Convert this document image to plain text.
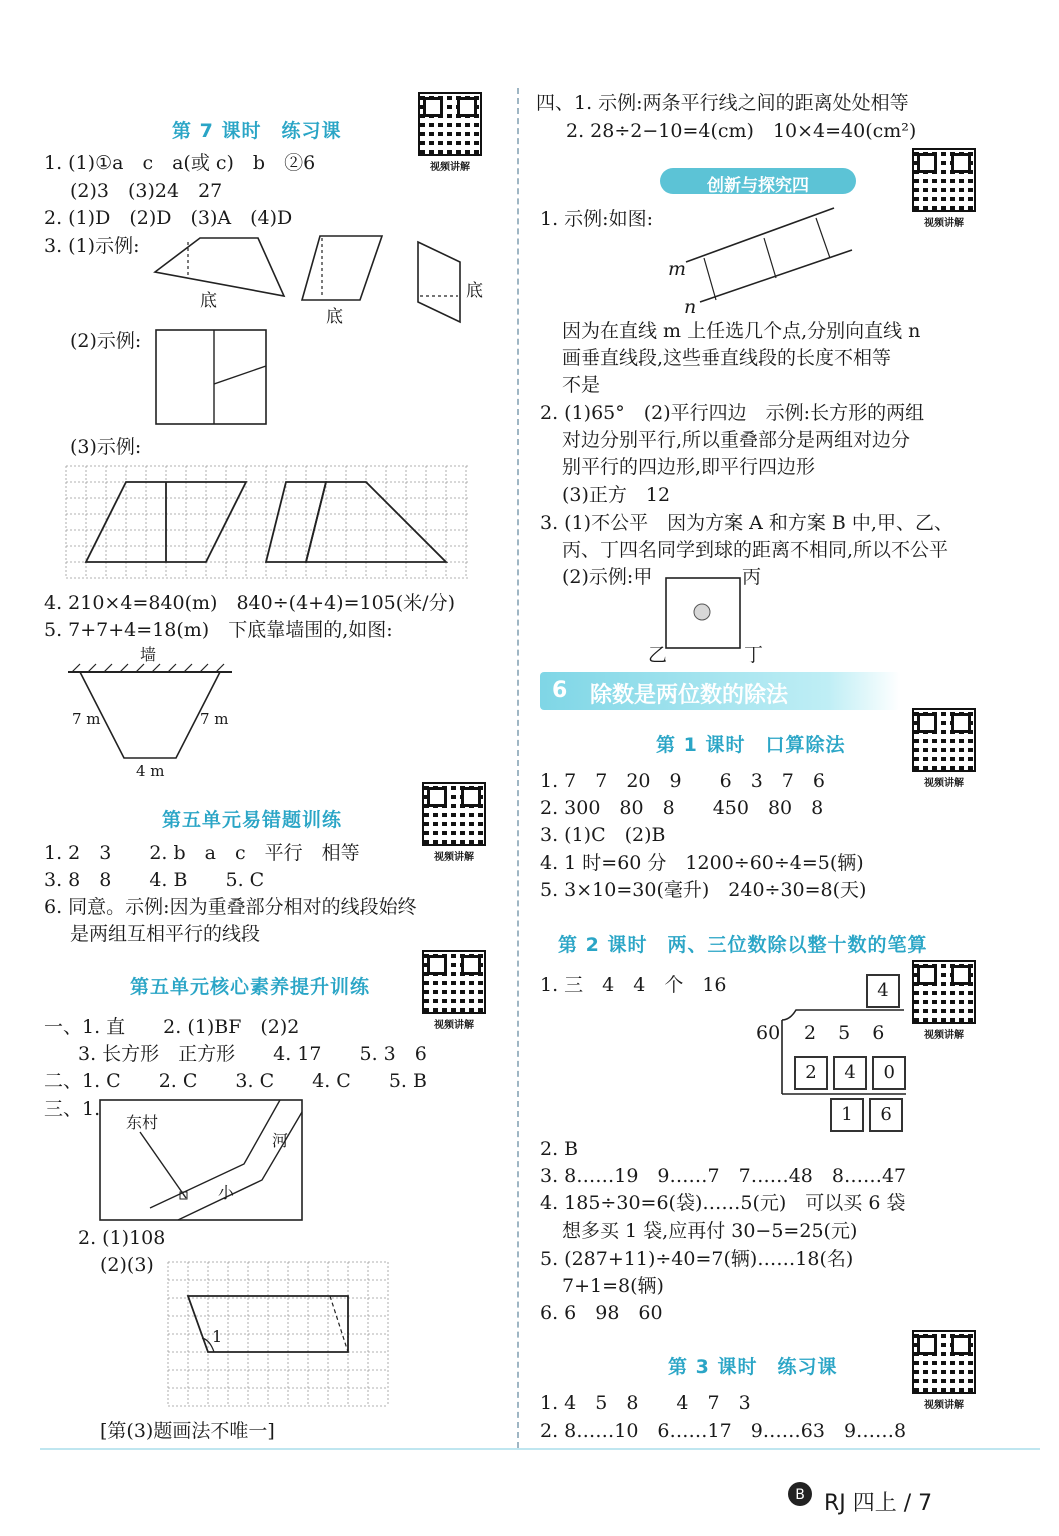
第 7 课时　练习课
视频讲解
1. (1)①a　c　a(或 c)　b　②6
(2)3　(3)24　27
2. (1)D　(2)D　(3)A　(4)D
3. (1)示例:
底
底
底
(2)示例:
(3)示例:
4. 210×4=840(m)　840÷(4+4)=105(米/分)
5. 7+7+4=18(m)　下底靠墙围的,如图:
墙
7 m	7 m
4 m
第五单元易错题训练
视频讲解
1. 2　3　　2. b　a　c　平行　相等
3. 8　8　　4. B　　5. C
6. 同意。示例:因为重叠部分相对的线段始终
是两组互相平行的线段
第五单元核心素养提升训练
视频讲解
一、1. 直　　2. (1)BF　(2)2
3. 长方形　正方形　　4. 17　　5. 3　6
二、1. C　　2. C　　3. C　　4. C　　5. B
三、1.
东村
河
小
2. (1)108
(2)(3)
1
[第(3)题画法不唯一]
四、1. 示例:两条平行线之间的距离处处相等
2. 28÷2−10=4(cm)　10×4=40(cm²)
创新与探究四
视频讲解
1. 示例:如图:
m
n
因为在直线 m 上任选几个点,分别向直线 n
画垂直线段,这些垂直线段的长度不相等
不是
2. (1)65°　(2)平行四边　示例:长方形的两组
对边分别平行,所以重叠部分是两组对边分
别平行的四边形,即平行四边形
(3)正方　12
3. (1)不公平　因为方案 A 和方案 B 中,甲、乙、
丙、丁四名同学到球的距离不相同,所以不公平
(2)示例:甲	丙
乙	丁
6 除数是两位数的除法
第 1 课时　口算除法
视频讲解
1. 7　7　20　9　　6　3　7　6
2. 300　80　8　　450　80　8
3. (1)C　(2)B
4. 1 时=60 分　1200÷60÷4=5(辆)
5. 3×10=30(毫升)　240÷30=8(天)
第 2 课时　两、三位数除以整十数的笔算
视频讲解
1. 三　4　4　个　16	4
60 256
2 4 0
1 6
2. B
3. 8……19　9……7　7……48　8……47
4. 185÷30=6(袋)……5(元)　可以买 6 袋
想多买 1 袋,应再付 30−5=25(元)
5. (287+11)÷40=7(辆)……18(名)
7+1=8(辆)
6. 6　98　60
第 3 课时　练习课
视频讲解
1. 4　5　8　　4　7　3
2. 8……10　6……17　9……63　9……8
B RJ 四上 / 7
